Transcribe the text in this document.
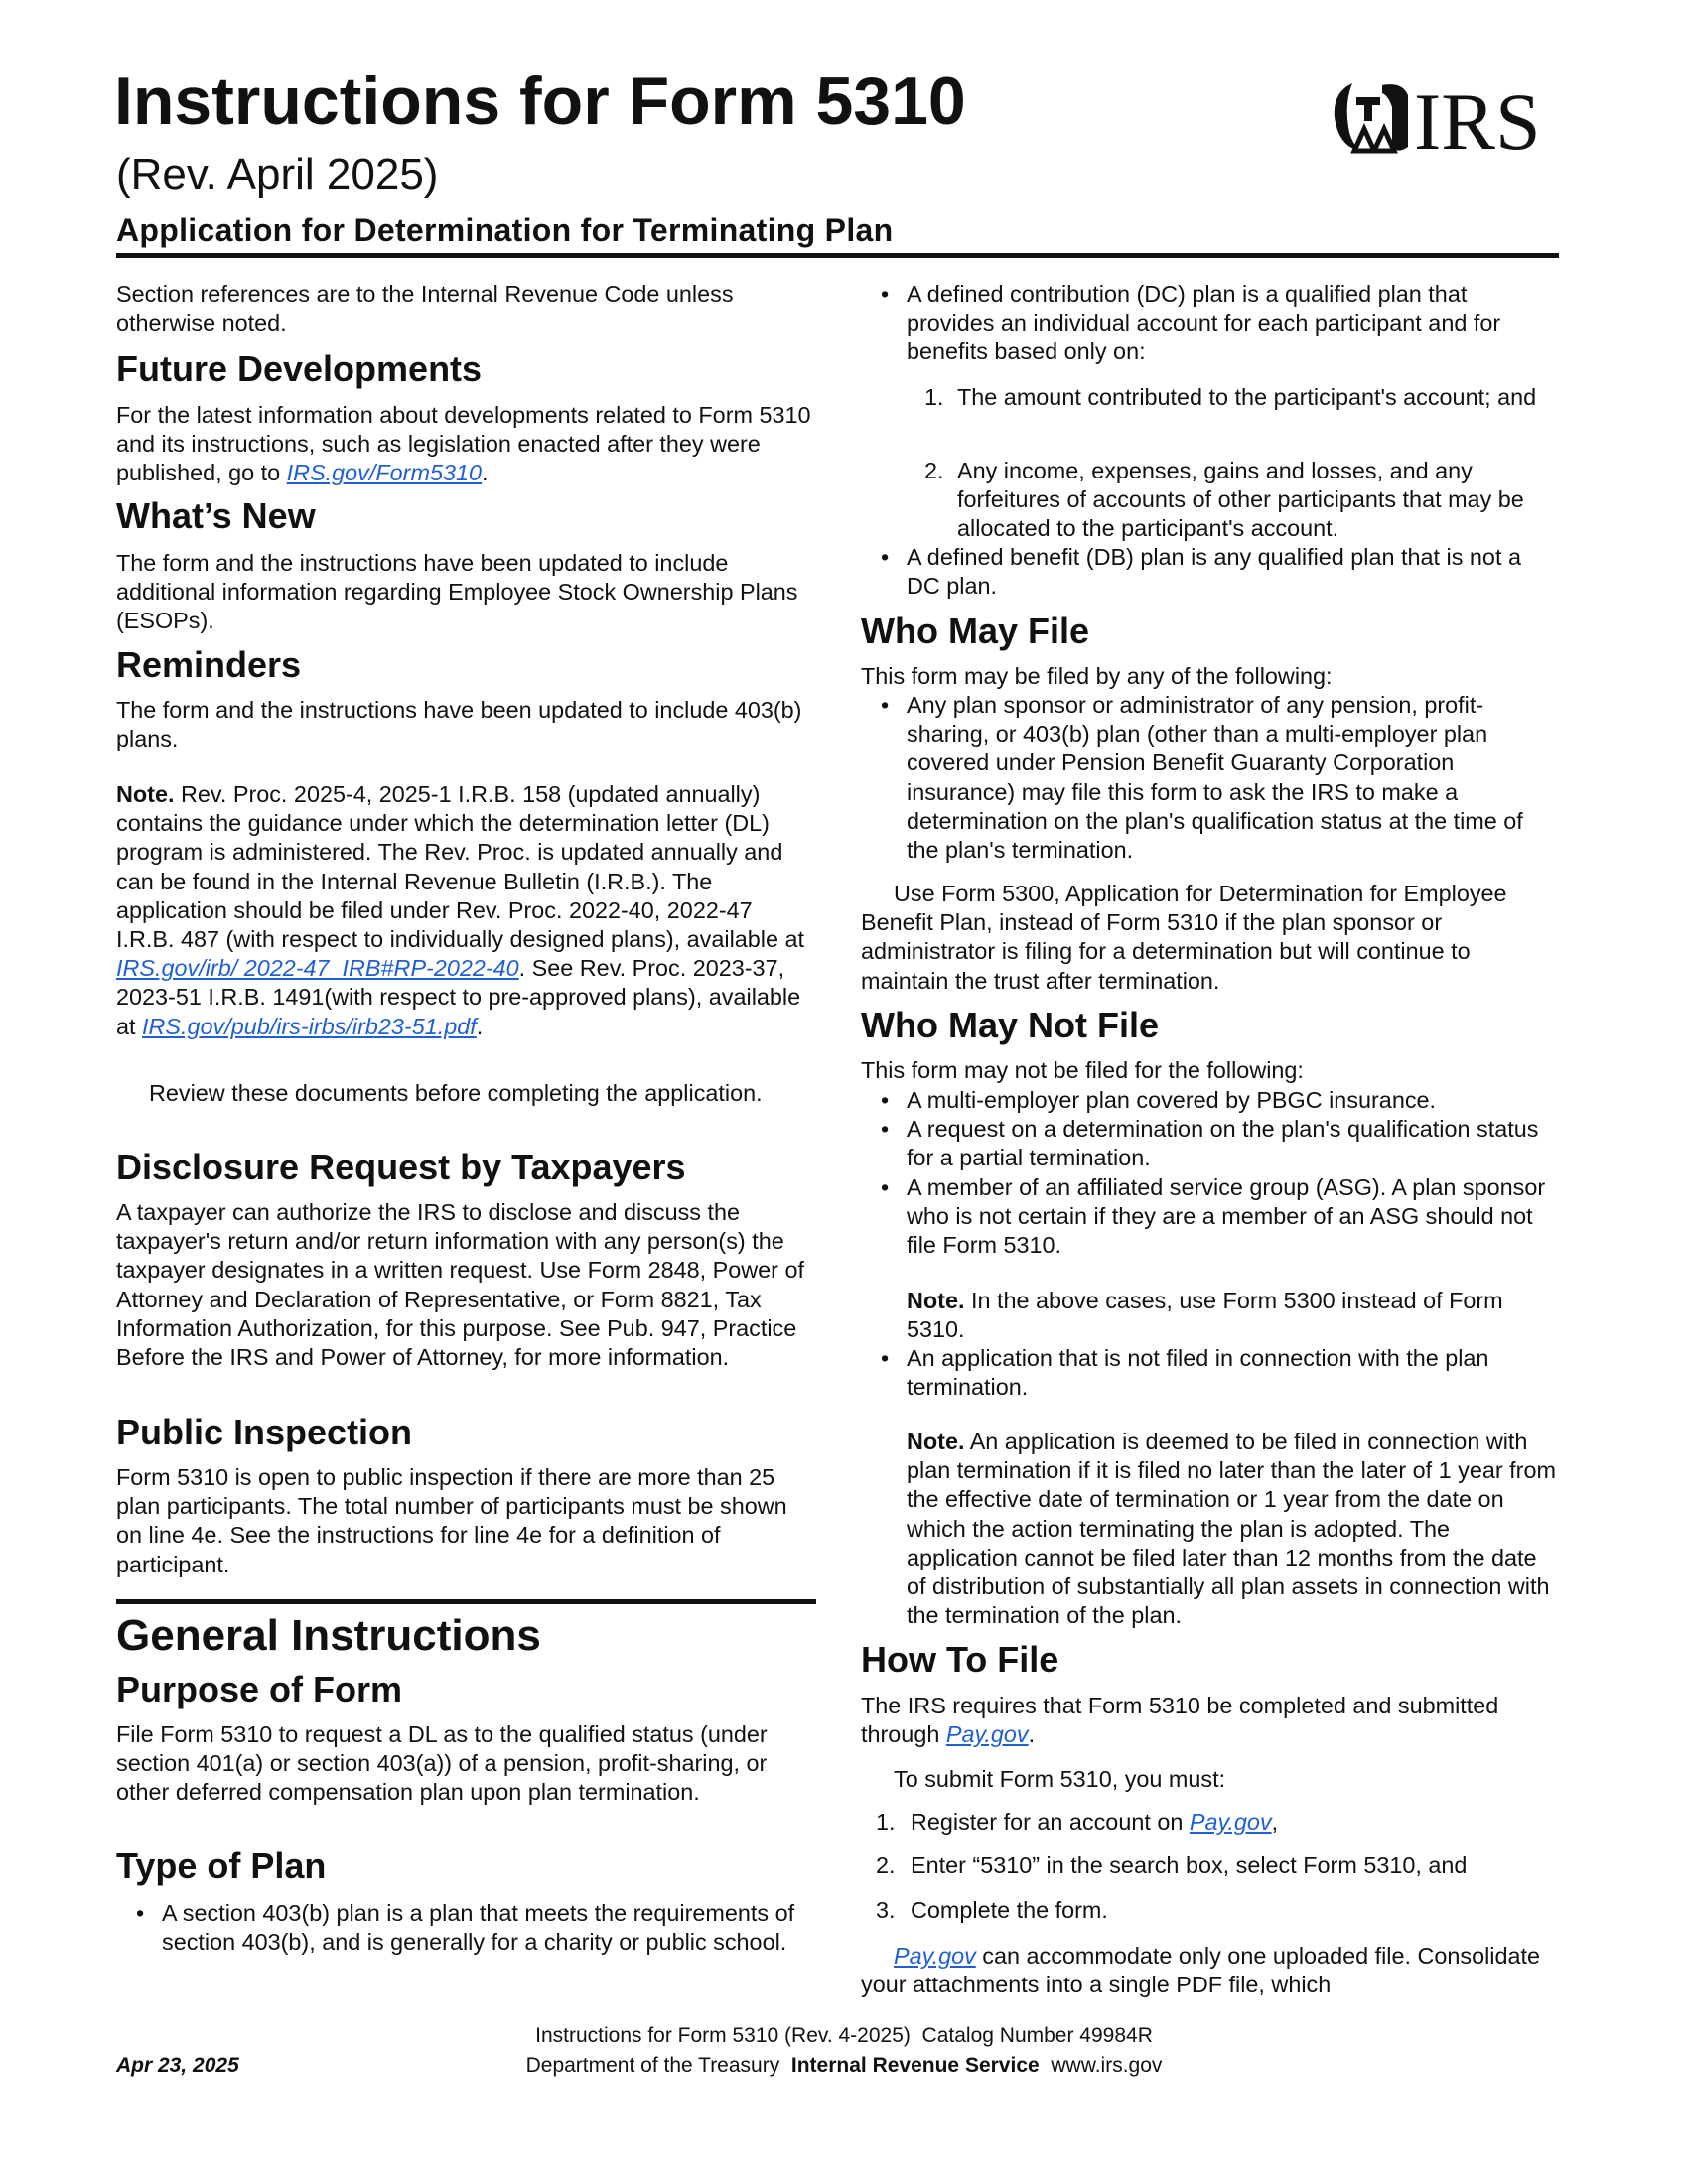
Instructions for Form 5310
(Rev. April 2025)
Application for Determination for Terminating Plan
IRS

Section references are to the Internal Revenue Code unless otherwise noted.

Future Developments

For the latest information about developments related to Form 5310 and its instructions, such as legislation enacted after they were published, go to IRS.gov/Form5310.

What’s New

The form and the instructions have been updated to include additional information regarding Employee Stock Ownership Plans (ESOPs).

Reminders

The form and the instructions have been updated to include 403(b) plans.

Note. Rev. Proc. 2025-4, 2025-1 I.R.B. 158 (updated annually) contains the guidance under which the determination letter (DL) program is administered. The Rev. Proc. is updated annually and can be found in the Internal Revenue Bulletin (I.R.B.). The application should be filed under Rev. Proc. 2022-40, 2022-47 I.R.B. 487 (with respect to individually designed plans), available at IRS.gov/irb/ 2022-47_IRB#RP-2022-40. See Rev. Proc. 2023-37, 2023-51 I.R.B. 1491(with respect to pre-approved plans), available at IRS.gov/pub/irs-irbs/irb23-51.pdf.

Review these documents before completing the application.

Disclosure Request by Taxpayers

A taxpayer can authorize the IRS to disclose and discuss the taxpayer's return and/or return information with any person(s) the taxpayer designates in a written request. Use Form 2848, Power of Attorney and Declaration of Representative, or Form 8821, Tax Information Authorization, for this purpose. See Pub. 947, Practice Before the IRS and Power of Attorney, for more information.

Public Inspection

Form 5310 is open to public inspection if there are more than 25 plan participants. The total number of participants must be shown on line 4e. See the instructions for line 4e for a definition of participant.

General Instructions
Purpose of Form

File Form 5310 to request a DL as to the qualified status (under section 401(a) or section 403(a)) of a pension, profit-sharing, or other deferred compensation plan upon plan termination.

Type of Plan
• A section 403(b) plan is a plan that meets the requirements of section 403(b), and is generally for a charity or public school.
• A defined contribution (DC) plan is a qualified plan that provides an individual account for each participant and for benefits based only on:
1. The amount contributed to the participant's account; and
2. Any income, expenses, gains and losses, and any forfeitures of accounts of other participants that may be allocated to the participant's account.
• A defined benefit (DB) plan is any qualified plan that is not a DC plan.
Who May File

This form may be filed by any of the following:

• Any plan sponsor or administrator of any pension, profit-sharing, or 403(b) plan (other than a multi-employer plan covered under Pension Benefit Guaranty Corporation insurance) may file this form to ask the IRS to make a determination on the plan's qualification status at the time of the plan's termination.

Use Form 5300, Application for Determination for Employee Benefit Plan, instead of Form 5310 if the plan sponsor or administrator is filing for a determination but will continue to maintain the trust after termination.

Who May Not File

This form may not be filed for the following:

• A multi-employer plan covered by PBGC insurance.
• A request on a determination on the plan's qualification status for a partial termination.
• A member of an affiliated service group (ASG). A plan sponsor who is not certain if they are a member of an ASG should not file Form 5310.

Note. In the above cases, use Form 5300 instead of Form 5310.

• An application that is not filed in connection with the plan termination.

Note. An application is deemed to be filed in connection with plan termination if it is filed no later than the later of 1 year from the effective date of termination or 1 year from the date on which the action terminating the plan is adopted. The application cannot be filed later than 12 months from the date of distribution of substantially all plan assets in connection with the termination of the plan.

How To File

The IRS requires that Form 5310 be completed and submitted through Pay.gov.

To submit Form 5310, you must:

1. Register for an account on Pay.gov,
2. Enter “5310” in the search box, select Form 5310, and
3. Complete the form.

Pay.gov can accommodate only one uploaded file. Consolidate your attachments into a single PDF file, which

Apr 23, 2025
Instructions for Form 5310 (Rev. 4-2025)  Catalog Number 49984R
Department of the Treasury Internal Revenue Service www.irs.gov
